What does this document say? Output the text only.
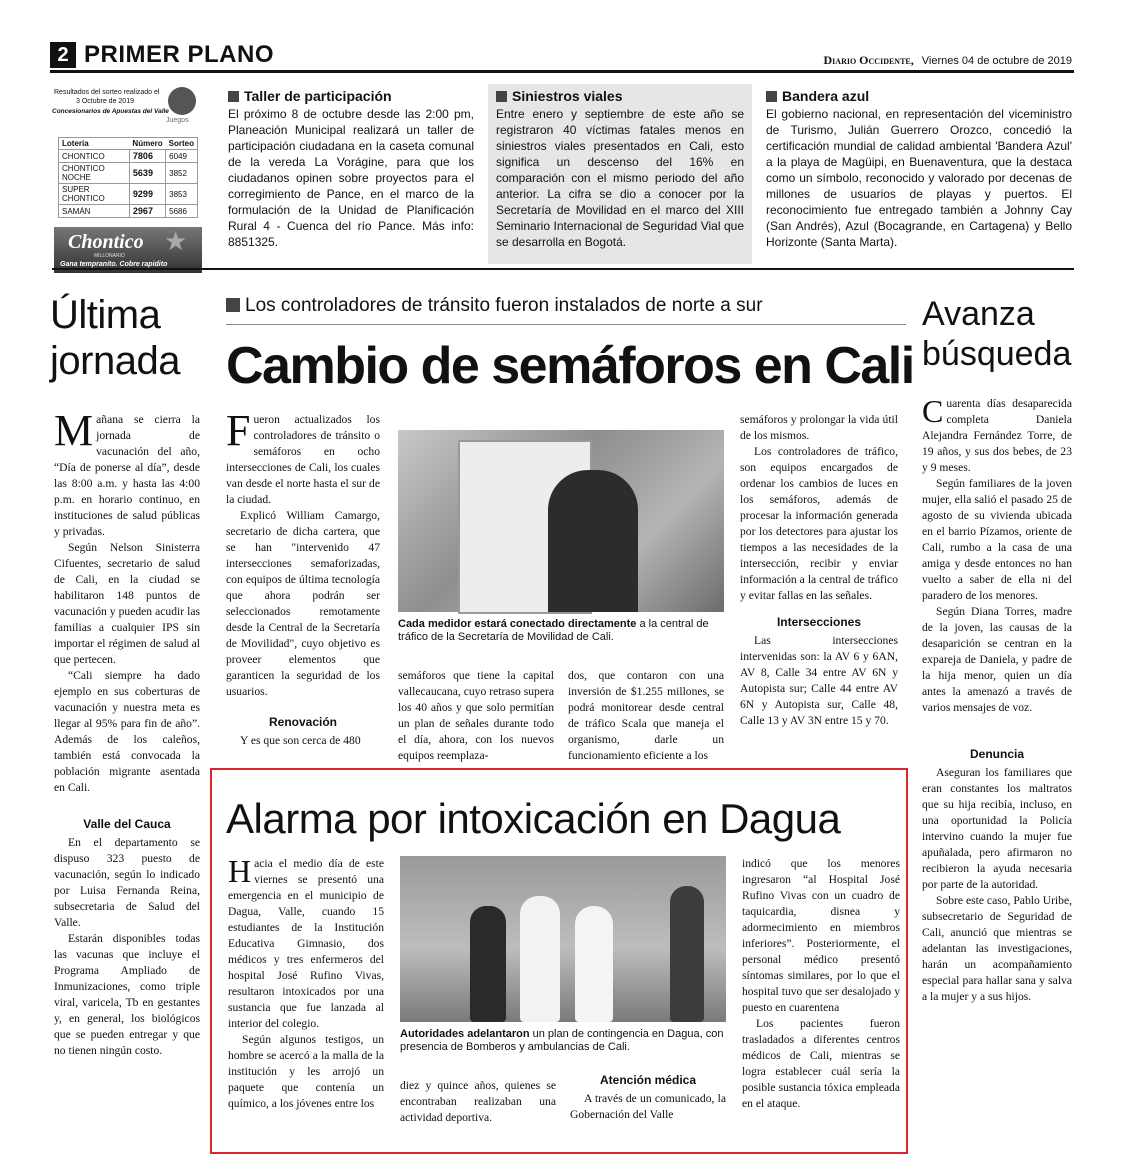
2 PRIMER PLANO	Diario Occidente, Viernes 04 de octubre de 2019
Resultados del sorteo realizado el
3 Octubre de 2019
Concesionarios de Apuestas del Valle
Juegos
Lotería	Número	Sorteo
CHONTICO	7806	6049
CHONTICO NOCHE	5639	3852
SUPER CHONTICO	9299	3853
SAMÁN	2967	5686
Chontico
MILLONARIO ★
Gana tempranito. Cobre rapidito
Taller de participación
El próximo 8 de octubre desde las 2:00 pm, Planeación Municipal realizará un taller de participación ciudadana en la caseta comunal de la vereda La Vorágine, para que los ciudadanos opinen sobre proyectos para el corregimiento de Pance, en el marco de la formulación de la Unidad de Planificación Rural 4 - Cuenca del río Pance. Más info: 8851325.
Siniestros viales
Entre enero y septiembre de este año se registraron 40 víctimas fatales menos en siniestros viales presentados en Cali, esto significa un descenso del 16% en comparación con el mismo periodo del año anterior. La cifra se dio a conocer por la Secretaría de Movilidad en el marco del XIII Seminario Internacional de Seguridad Vial que se desarrolla en Bogotá.
Bandera azul
El gobierno nacional, en representación del viceministro de Turismo, Julián Guerrero Orozco, concedió la certificación mundial de calidad ambiental 'Bandera Azul' a la playa de Magüipi, en Buenaventura, que la destaca como un símbolo, reconocido y valorado por decenas de millones de usuarios de playas y puertos. El reconocimiento fue entregado también a Johnny Cay (San Andrés), Azul (Bocagrande, en Cartagena) y Bello Horizonte (Santa Marta).
Última
jornada

Mañana se cierra la jornada de vacunación del año, “Día de ponerse al día”, desde las 8:00 a.m. y hasta las 4:00 p.m. en horario continuo, en instituciones de salud públicas y privadas.

Según Nelson Sinisterra Cifuentes, secretario de salud de Cali, en la ciudad se habilitaron 148 puntos de vacunación y pueden acudir las familias a cualquier IPS sin importar el régimen de salud al que pertecen.

“Cali siempre ha dado ejemplo en sus coberturas de vacunación y nuestra meta es llegar al 95% para fin de año”. Además de los caleños, también está convocada la población migrante asentada en Cali.

Valle del Cauca

En el departamento se dispuso 323 puesto de vacunación, según lo indicado por Luisa Fernanda Reina, subsecretaria de Salud del Valle.

Estarán disponibles todas las vacunas que incluye el Programa Ampliado de Inmunizaciones, como triple viral, varicela, Tb en gestantes y, en general, los biológicos que se pueden entregar y que no tienen ningún costo.

Los controladores de tránsito fueron instalados de norte a sur
Cambio de semáforos en Cali

Fueron actualizados los controladores de tránsito o semáforos en ocho intersecciones de Cali, los cuales van desde el norte hasta el sur de la ciudad.

Explicó William Camargo, secretario de dicha cartera, que se han "intervenido 47 intersecciones semaforizadas, con equipos de última tecnología que ahora podrán ser seleccionados remotamente desde la Central de la Secretaría de Movilidad", cuyo objetivo es proveer elementos que garanticen la seguridad de los usuarios.

Renovación

Y es que son cerca de 480

Cada medidor estará conectado directamente a la central de tráfico de la Secretaría de Movilidad de Cali.

semáforos que tiene la capital vallecaucana, cuyo retraso supera los 40 años y que solo permitían un plan de señales durante todo el día, ahora, con los nuevos equipos reemplaza-

dos, que contaron con una inversión de $1.255 millones, se podrá monitorear desde central de tráfico Scala que maneja el organismo, darle un funcionamiento eficiente a los

semáforos y prolongar la vida útil de los mismos.

Los controladores de tráfico, son equipos encargados de ordenar los cambios de luces en los semáforos, además de procesar la información generada por los detectores para ajustar los tiempos a las necesidades de la intersección, recibir y enviar información a la central de tráfico y evitar fallas en las señales.

Intersecciones

Las intersecciones intervenidas son: la AV 6 y 6AN, AV 8, Calle 34 entre AV 6N y Autopista sur; Calle 44 entre AV 6N y Autopista sur, Calle 48, Calle 13 y AV 3N entre 15 y 70.

Avanza
búsqueda

Cuarenta días desaparecida completa Daniela Alejandra Fernández Torre, de 19 años, y sus dos bebes, de 23 y 9 meses.

Según familiares de la joven mujer, ella salió el pasado 25 de agosto de su vivienda ubicada en el barrio Pízamos, oriente de Cali, rumbo a la casa de una amiga y desde entonces no han vuelto a saber de ella ni del paradero de los menores.

Según Diana Torres, madre de la joven, las causas de la desaparición se centran en la expareja de Daniela, y padre de la hija menor, quien un día antes la amenazó a través de varios mensajes de voz.

Denuncia

Aseguran los familiares que eran constantes los maltratos que su hija recibía, incluso, en una oportunidad la Policía intervino cuando la mujer fue apuñalada, pero afirmaron no recibieron la ayuda necesaria por parte de la autoridad.

Sobre este caso, Pablo Uribe, subsecretario de Seguridad de Cali, anunció que mientras se adelantan las investigaciones, harán un acompañamiento especial para hallar sana y salva a la mujer y a sus hijos.

Alarma por intoxicación en Dagua

Hacia el medio día de este viernes se presentó una emergencia en el municipio de Dagua, Valle, cuando 15 estudiantes de la Institución Educativa Gimnasio, dos médicos y tres enfermeros del hospital José Rufino Vivas, resultaron intoxicados por una sustancia que fue lanzada al interior del colegio.

Según algunos testigos, un hombre se acercó a la malla de la institución y les arrojó un paquete que contenía un químico, a los jóvenes entre los

Autoridades adelantaron un plan de contingencia en Dagua, con presencia de Bomberos y ambulancias de Cali.

diez y quince años, quienes se encontraban realizaban una actividad deportiva.

Atención médica

A través de un comunicado, la Gobernación del Valle

indicó que los menores ingresaron “al Hospital José Rufino Vivas con un cuadro de taquicardia, disnea y adormecimiento en miembros inferiores”. Posteriormente, el personal médico presentó síntomas similares, por lo que el hospital tuvo que ser desalojado y puesto en cuarentena

Los pacientes fueron trasladados a diferentes centros médicos de Cali, mientras se logra establecer cuál sería la posible sustancia tóxica empleada en el ataque.
